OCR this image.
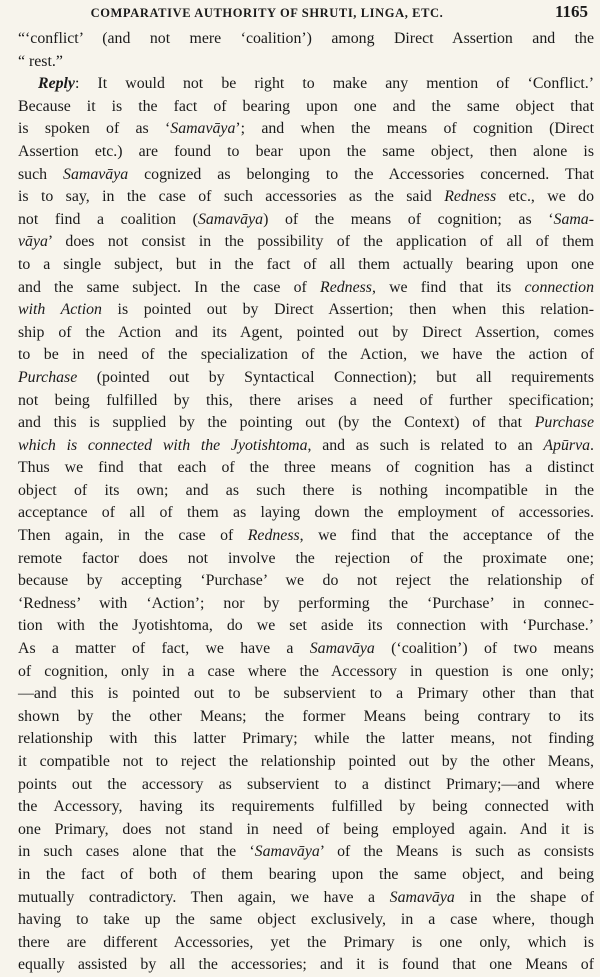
COMPARATIVE AUTHORITY OF SHRUTI, LINGA, ETC.	1165
“‘conflict’ (and not mere ‘coalition’) among Direct Assertion and the
“ rest.”
Reply: It would not be right to make any mention of ‘Conflict.’
Because it is the fact of bearing upon one and the same object that
is spoken of as ‘Samavāya’; and when the means of cognition (Direct
Assertion etc.) are found to bear upon the same object, then alone is
such Samavāya cognized as belonging to the Accessories concerned. That
is to say, in the case of such accessories as the said Redness etc., we do
not find a coalition (Samavāya) of the means of cognition; as ‘Sama-
vāya’ does not consist in the possibility of the application of all of them
to a single subject, but in the fact of all them actually bearing upon one
and the same subject. In the case of Redness, we find that its connection
with Action is pointed out by Direct Assertion; then when this relation-
ship of the Action and its Agent, pointed out by Direct Assertion, comes
to be in need of the specialization of the Action, we have the action of
Purchase (pointed out by Syntactical Connection); but all requirements
not being fulfilled by this, there arises a need of further specification;
and this is supplied by the pointing out (by the Context) of that Purchase
which is connected with the Jyotishtoma, and as such is related to an Apūrva.
Thus we find that each of the three means of cognition has a distinct
object of its own; and as such there is nothing incompatible in the
acceptance of all of them as laying down the employment of accessories.
Then again, in the case of Redness, we find that the acceptance of the
remote factor does not involve the rejection of the proximate one;
because by accepting ‘Purchase’ we do not reject the relationship of
‘Redness’ with ‘Action’; nor by performing the ‘Purchase’ in connec-
tion with the Jyotishtoma, do we set aside its connection with ‘Purchase.’
As a matter of fact, we have a Samavāya (‘coalition’) of two means
of cognition, only in a case where the Accessory in question is one only;
—and this is pointed out to be subservient to a Primary other than that
shown by the other Means; the former Means being contrary to its
relationship with this latter Primary; while the latter means, not finding
it compatible not to reject the relationship pointed out by the other Means,
points out the accessory as subservient to a distinct Primary;—and where
the Accessory, having its requirements fulfilled by being connected with
one Primary, does not stand in need of being employed again. And it is
in such cases alone that the ‘Samavāya’ of the Means is such as consists
in the fact of both of them bearing upon the same object, and being
mutually contradictory. Then again, we have a Samavāya in the shape of
having to take up the same object exclusively, in a case where, though
there are different Accessories, yet the Primary is one only, which is
equally assisted by all the accessories; and it is found that one Means of
